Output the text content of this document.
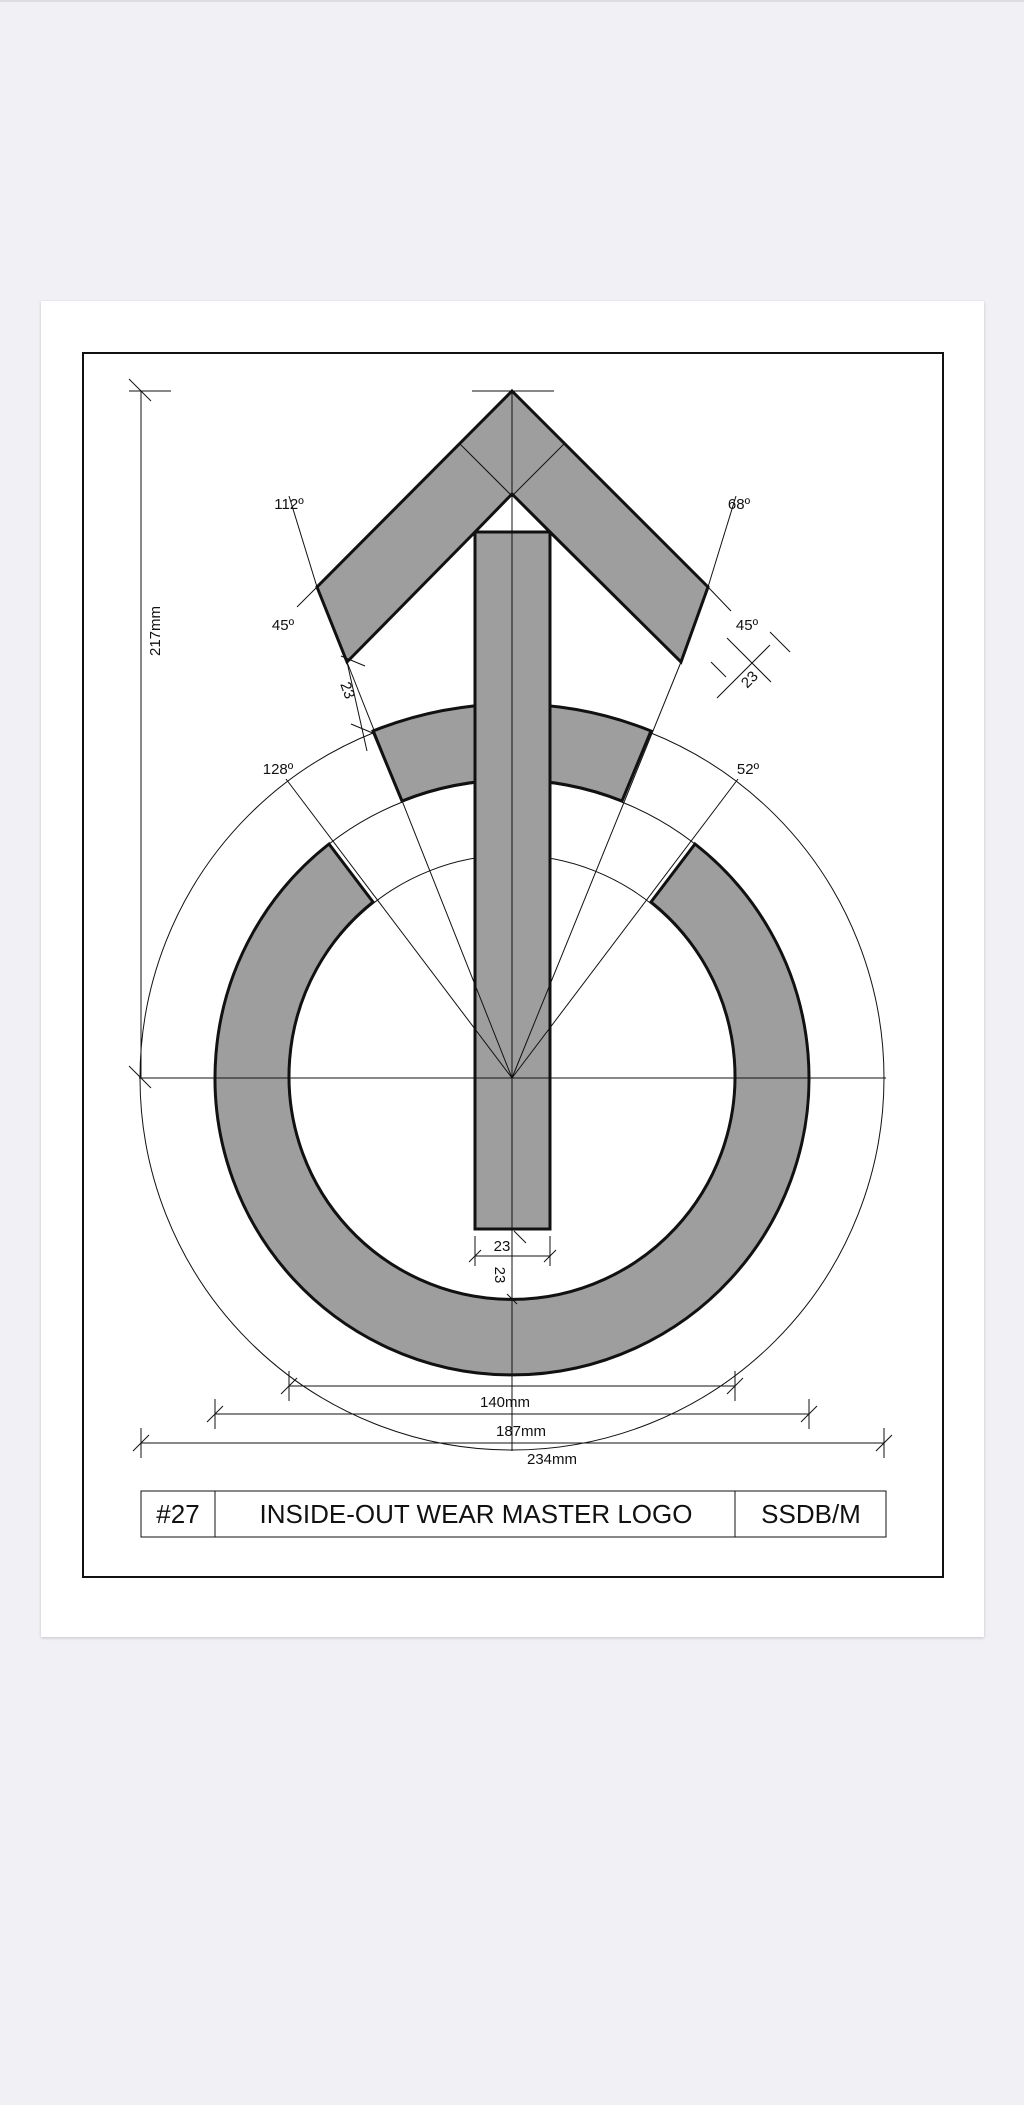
217mm
112º	68º
45º	45º
128º	52º
23	23
23
23
140mm
187mm
234mm
#27 INSIDE-OUT WEAR MASTER LOGO	SSDB/M
